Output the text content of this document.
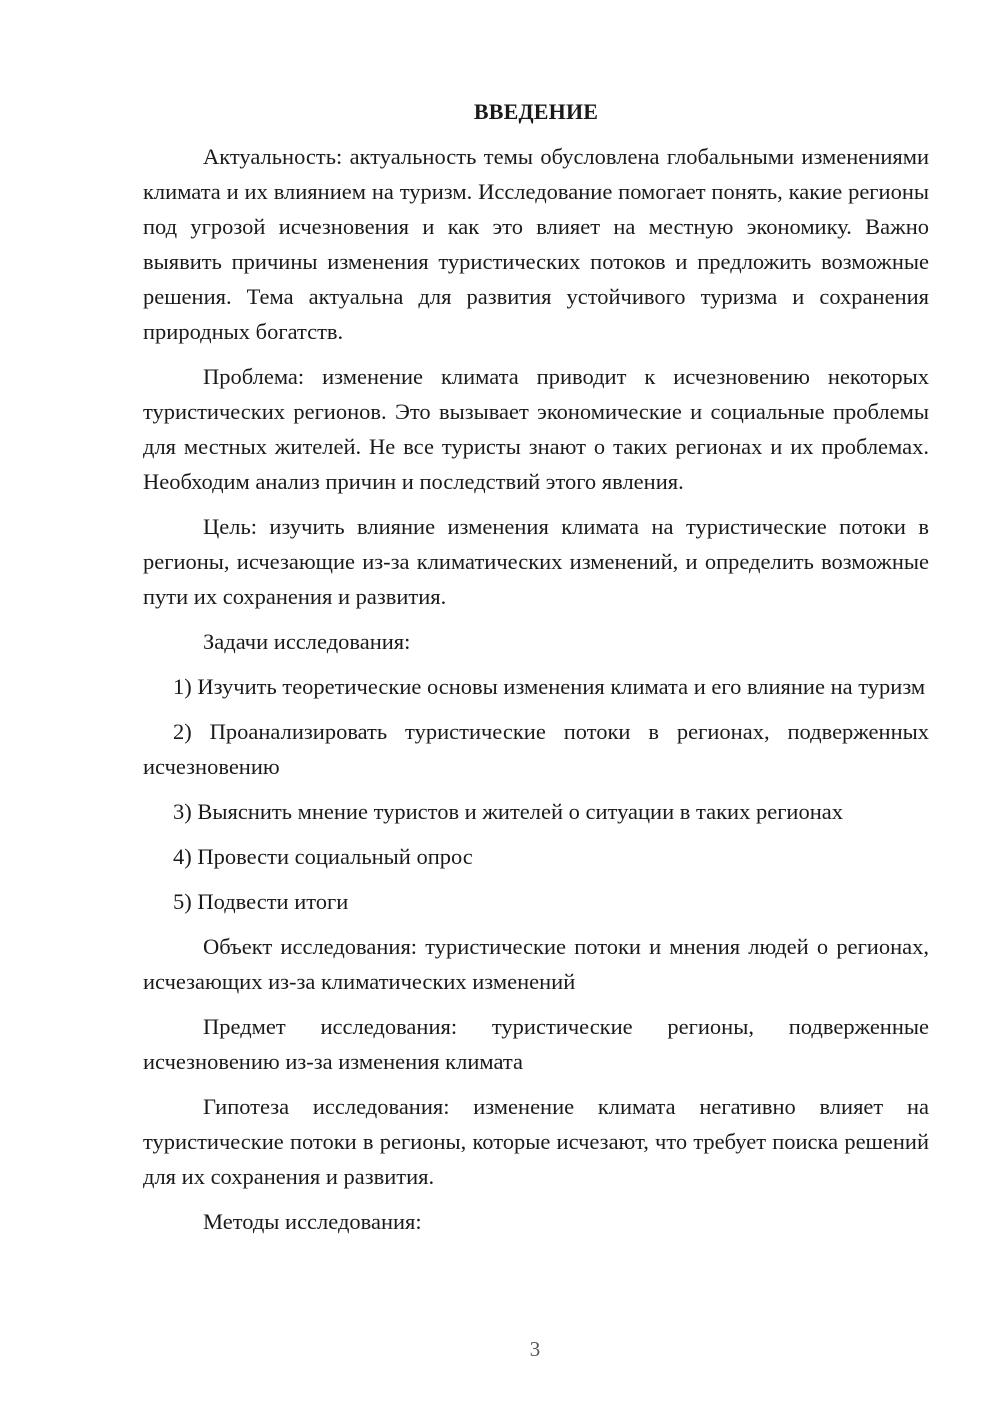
ВВЕДЕНИЕ

Актуальность: актуальность темы обусловлена глобальными изменениями климата и их влиянием на туризм. Исследование помогает понять, какие регионы под угрозой исчезновения и как это влияет на местную экономику. Важно выявить причины изменения туристических потоков и предложить возможные решения. Тема актуальна для развития устойчивого туризма и сохранения природных богатств.

Проблема: изменение климата приводит к исчезновению некоторых туристических регионов. Это вызывает экономические и социальные проблемы для местных жителей. Не все туристы знают о таких регионах и их проблемах. Необходим анализ причин и последствий этого явления.

Цель: изучить влияние изменения климата на туристические потоки в регионы, исчезающие из-за климатических изменений, и определить возможные пути их сохранения и развития.

Задачи исследования:

1) Изучить теоретические основы изменения климата и его влияние на туризм

2) Проанализировать туристические потоки в регионах, подверженных исчезновению

3) Выяснить мнение туристов и жителей о ситуации в таких регионах

4) Провести социальный опрос

5) Подвести итоги

Объект исследования: туристические потоки и мнения людей о регионах, исчезающих из-за климатических изменений

Предмет исследования: туристические регионы, подверженные исчезновению из-за изменения климата

Гипотеза исследования: изменение климата негативно влияет на туристические потоки в регионы, которые исчезают, что требует поиска решений для их сохранения и развития.

Методы исследования:

3
